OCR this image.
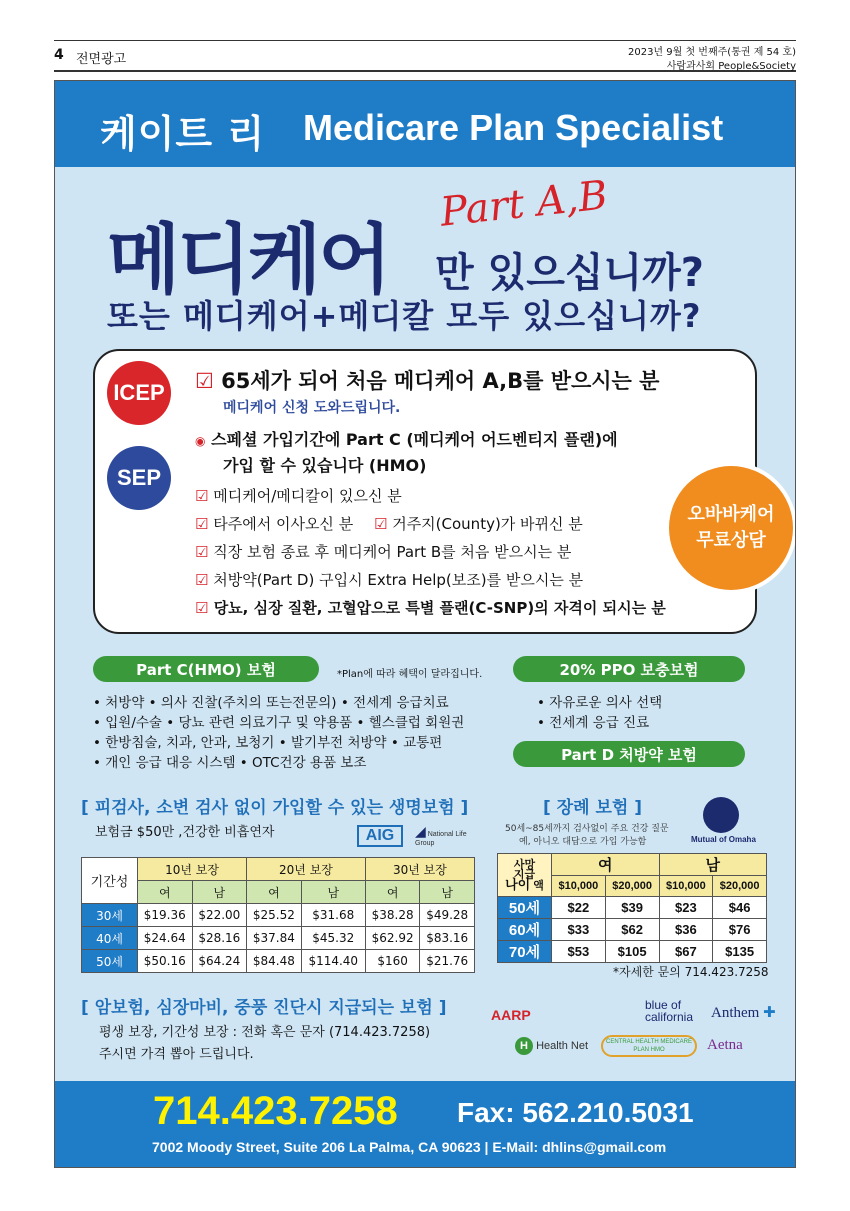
4 전면광고	2023년 9월 첫 번째주(통권 제 54 호)
사람과사회 People&Society
케이트 리 Medicare Plan Specialist
메디케어
Part A,B
만 있으십니까?
또는 메디케어+메디칼 모두 있으십니까?
ICEP
SEP
☑ 65세가 되어 처음 메디케어 A,B를 받으시는 분
메디케어 신청 도와드립니다.
◉ 스페셜 가입기간에 Part C (메디케어 어드벤티지 플랜)에
가입 할 수 있습니다 (HMO)
☑ 메디케어/메디칼이 있으신 분
☑ 타주에서 이사오신 분 ☑ 거주지(County)가 바뀌신 분
☑ 직장 보험 종료 후 메디케어 Part B를 처음 받으시는 분
☑ 처방약(Part D) 구입시 Extra Help(보조)를 받으시는 분
☑ 당뇨, 심장 질환, 고혈압으로 특별 플랜(C-SNP)의 자격이 되시는 분
오바바케어
무료상담
Part C(HMO) 보험	*Plan에 따라 혜택이 달라집니다.
• 처방약 • 의사 진찰(주치의 또는전문의) • 전세계 응급치료
• 입원/수술 • 당뇨 관련 의료기구 및 약용품 • 헬스클럽 회원권
• 한방침술, 치과, 안과, 보청기 • 발기부전 처방약 • 교통편
• 개인 응급 대응 시스템 • OTC건강 용품 보조
20% PPO 보충보험
• 자유로운 의사 선택
• 전세계 응급 진료
Part D 처방약 보험
[ 피검사, 소변 검사 없이 가입할 수 있는 생명보험 ]
보험금 $50만 ,건강한 비흡연자	AIG	◢ National Life Group
기간성	10년 보장		20년 보장		30년 보장	
	여	남	여	남	여	남
30세	$19.36	$22.00	$25.52	$31.68	$38.28	$49.28
40세	$24.64	$28.16	$37.84	$45.32	$62.92	$83.16
50세	$50.16	$64.24	$84.48	$114.40	$160	$21.76
[ 장례 보험 ]
50세~85세까지 검사없이 주요 건강 질문
예, 아니오 대답으로 가입 가능함	Mutual of Omaha
사망
지급
나이 액	여		남	
	$10,000	$20,000	$10,000	$20,000
50세	$22	$39	$23	$46
60세	$33	$62	$36	$76
70세	$53	$105	$67	$135
*자세한 문의 714.423.7258
[ 암보험, 심장마비, 중풍 진단시 지급되는 보험 ]
평생 보장, 기간성 보장 : 전화 혹은 문자 (714.423.7258)
주시면 가격 뽑아 드립니다.
AARP
blue of california	Anthem ✚
H Health Net	CENTRAL HEALTH MEDICARE PLAN HMO	Aetna
714.423.7258 Fax: 562.210.5031
7002 Moody Street, Suite 206 La Palma, CA 90623 | E-Mail: dhlins@gmail.com
